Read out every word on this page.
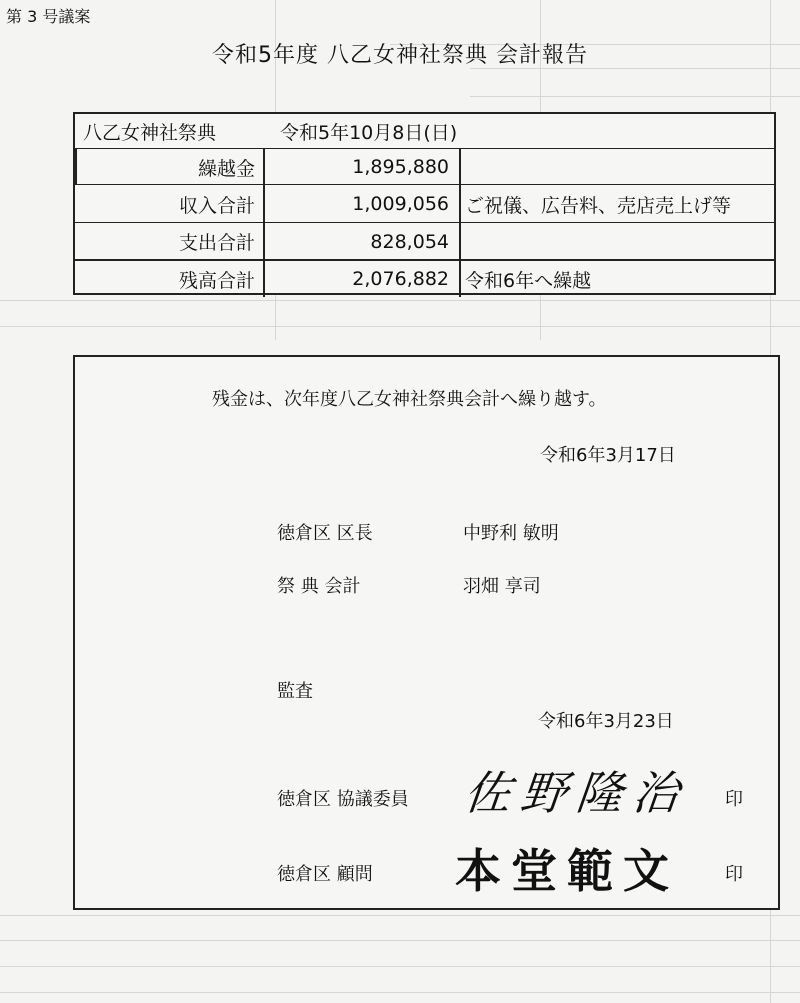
第 3 号議案
令和5年度 八乙女神社祭典 会計報告
八乙女神社祭典	令和5年10月8日(日)
繰越金	1,895,880
収入合計	1,009,056 ご祝儀、広告料、売店売上げ等
支出合計	828,054
残高合計	2,076,882 令和6年へ繰越
残金は、次年度八乙女神社祭典会計へ繰り越す。
令和6年3月17日
徳倉区 区長	中野利 敏明
祭 典 会計	羽畑 享司
監査
令和6年3月23日
徳倉区 協議委員 佐野隆治 印
徳倉区 顧問 本堂範文	印
